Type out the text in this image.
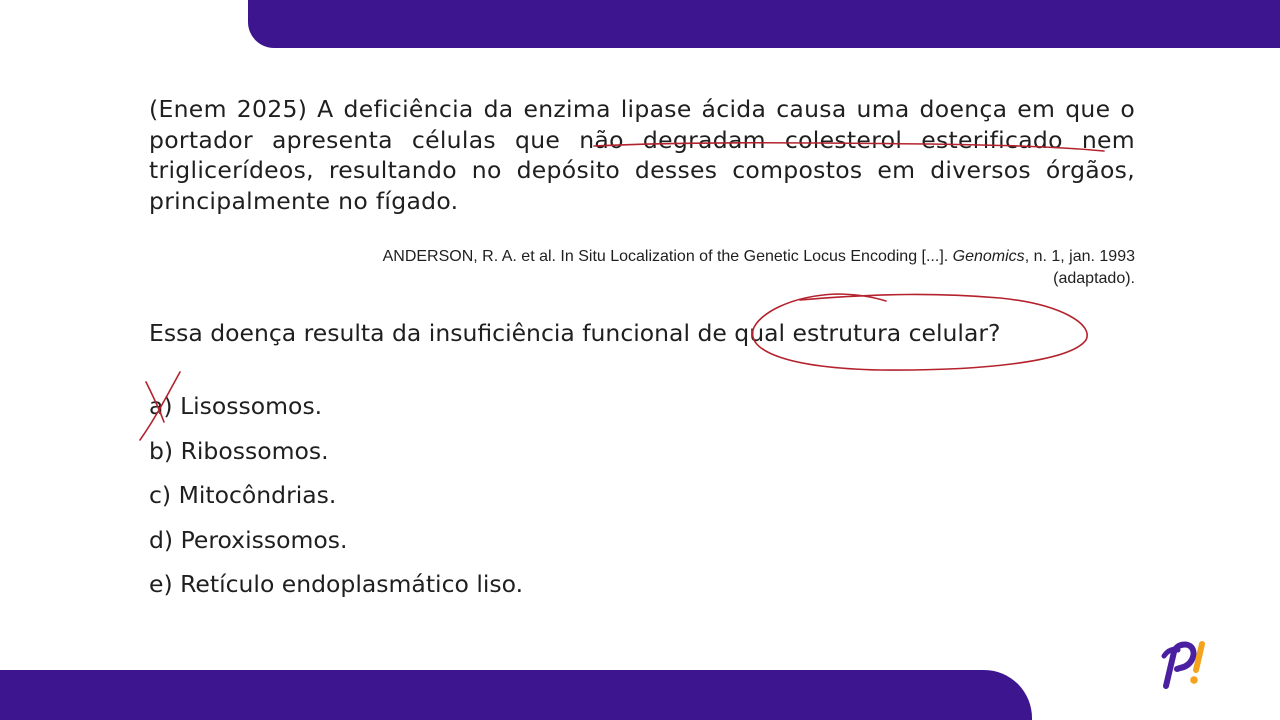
(Enem 2025) A deficiência da enzima lipase ácida causa uma doença em que o portador apresenta células que não degradam colesterol esterificado nem triglicerídeos, resultando no depósito desses compostos em diversos órgãos, principalmente no fígado.
ANDERSON, R. A. et al. In Situ Localization of the Genetic Locus Encoding [...]. Genomics, n. 1, jan. 1993
(adaptado).
Essa doença resulta da insuficiência funcional de qual estrutura celular?
a) Lisossomos.
b) Ribossomos.
c) Mitocôndrias.
d) Peroxissomos.
e) Retículo endoplasmático liso.
